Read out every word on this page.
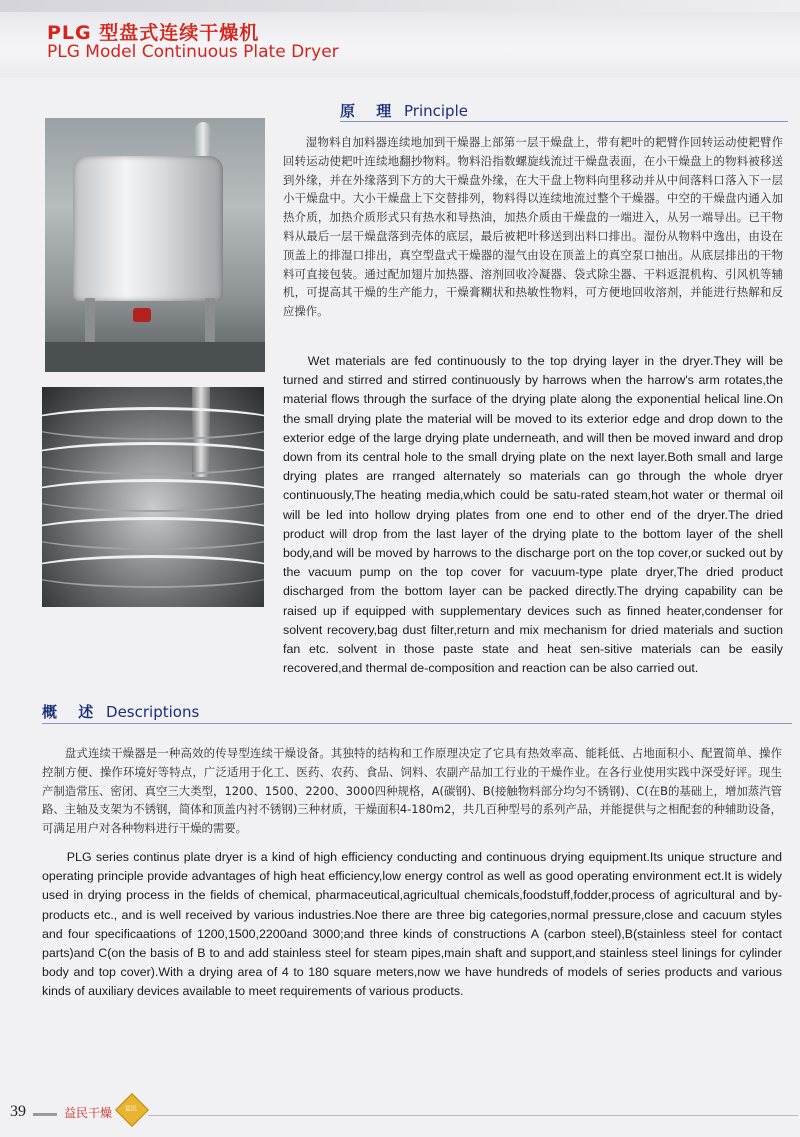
PLG 型盘式连续干燥机
PLG Model Continuous Plate Dryer
原 理 Principle

湿物料自加料器连续地加到干燥器上部第一层干燥盘上，带有耙叶的耙臂作回转运动使耙臂作回转运动使耙叶连续地翻抄物料。物料沿指数螺旋线流过干燥盘表面，在小干燥盘上的物料被移送到外缘，并在外缘落到下方的大干燥盘外缘，在大干盘上物料向里移动并从中间落料口落入下一层小干燥盘中。大小干燥盘上下交替排列，物料得以连续地流过整个干燥器。中空的干燥盘内通入加热介质，加热介质形式只有热水和导热油，加热介质由干燥盘的一端进入，从另一端导出。已干物料从最后一层干燥盘落到壳体的底层，最后被耙叶移送到出料口排出。湿份从物料中逸出，由设在顶盖上的排湿口排出，真空型盘式干燥器的湿气由设在顶盖上的真空泵口抽出。从底层排出的干物料可直接包装。通过配加翅片加热器、溶剂回收冷凝器、袋式除尘器、干料返混机构、引风机等辅机，可提高其干燥的生产能力，干燥膏糊状和热敏性物料，可方便地回收溶剂，并能进行热解和反应操作。

Wet materials are fed continuously to the top drying layer in the dryer.They will be turned and stirred and stirred continuously by harrows when the harrow's arm rotates,the material flows through the surface of the drying plate along the exponential helical line.On the small drying plate the material will be moved to its exterior edge and drop down to the exterior edge of the large drying plate underneath, and will then be moved inward and drop down from its central hole to the small drying plate on the next layer.Both small and large drying plates are rranged alternately so materials can go through the whole dryer continuously,The heating media,which could be satu-rated steam,hot water or thermal oil will be led into hollow drying plates from one end to other end of the dryer.The dried product will drop from the last layer of the drying plate to the bottom layer of the shell body,and will be moved by harrows to the discharge port on the top cover,or sucked out by the vacuum pump on the top cover for vacuum-type plate dryer,The dried product discharged from the bottom layer can be packed directly.The drying capability can be raised up if equipped with supplementary devices such as finned heater,condenser for solvent recovery,bag dust filter,return and mix mechanism for dried materials and suction fan etc. solvent in those paste state and heat sen-sitive materials can be easily recovered,and thermal de-composition and reaction can be also carried out.

概 述 Descriptions

盘式连续干燥器是一种高效的传导型连续干燥设备。其独特的结构和工作原理决定了它具有热效率高、能耗低、占地面积小、配置简单、操作控制方便、操作环境好等特点，广泛适用于化工、医药、农药、食品、饲料、农副产品加工行业的干燥作业。在各行业使用实践中深受好评。现生产制造常压、密闭、真空三大类型，1200、1500、2200、3000四种规格，A(碳钢)、B(接触物料部分均匀不锈钢)、C(在B的基础上，增加蒸汽管路、主轴及支架为不锈钢，简体和顶盖内衬不锈钢)三种材质，干燥面积4-180m2，共几百种型号的系列产品，并能提供与之相配套的种辅助设备，可满足用户对各种物料进行干燥的需要。

PLG series continus plate dryer is a kind of high efficiency conducting and continuous drying equipment.Its unique structure and operating principle provide advantages of high heat efficiency,low energy control as well as good operating environment ect.It is widely used in drying process in the fields of chemical, pharmaceutical,agricultual chemicals,foodstuff,fodder,process of agricultural and by-products etc., and is well received by various industries.Noe there are three big categories,normal pressure,close and cacuum styles and four specificaations of 1200,1500,2200and 3000;and three kinds of constructions A (carbon steel),B(stainless steel for contact parts)and C(on the basis of B to and add stainless steel for steam pipes,main shaft and support,and stainless steel linings for cylinder body and top cover).With a drying area of 4 to 180 square meters,now we have hundreds of models of series products and various kinds of auxiliary devices available to meet requirements of various products.

39	益民干燥 益民
